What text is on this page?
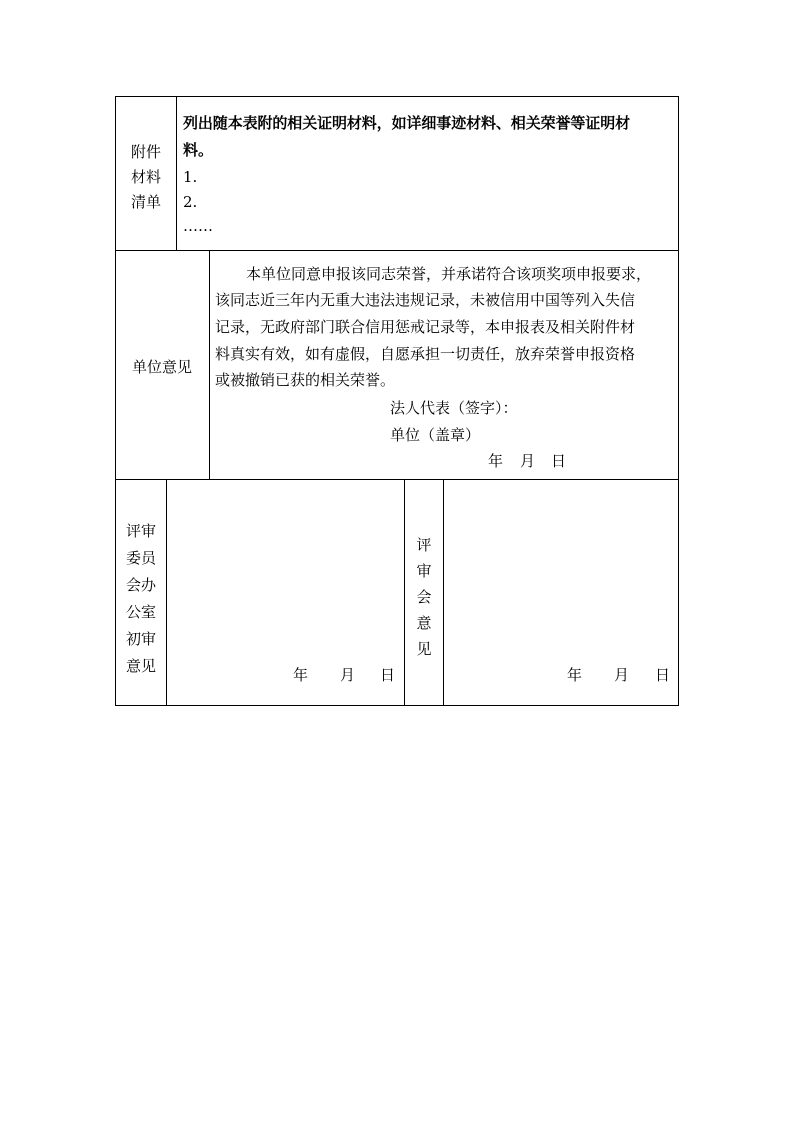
附件
材料
清单
列出随本表附的相关证明材料，如详细事迹材料、相关荣誉等证明材
料。
1.
2.
……
单位意见
本单位同意申报该同志荣誉，并承诺符合该项奖项申报要求，
该同志近三年内无重大违法违规记录，未被信用中国等列入失信
记录，无政府部门联合信用惩戒记录等，本申报表及相关附件材
料真实有效，如有虚假，自愿承担一切责任，放弃荣誉申报资格
或被撤销已获的相关荣誉。
法人代表（签字）：
单位（盖章）
年 月 日
评审
委员
会办
公室
初审
意见	年 月 日
评
审
会
意
见
年 月 日
